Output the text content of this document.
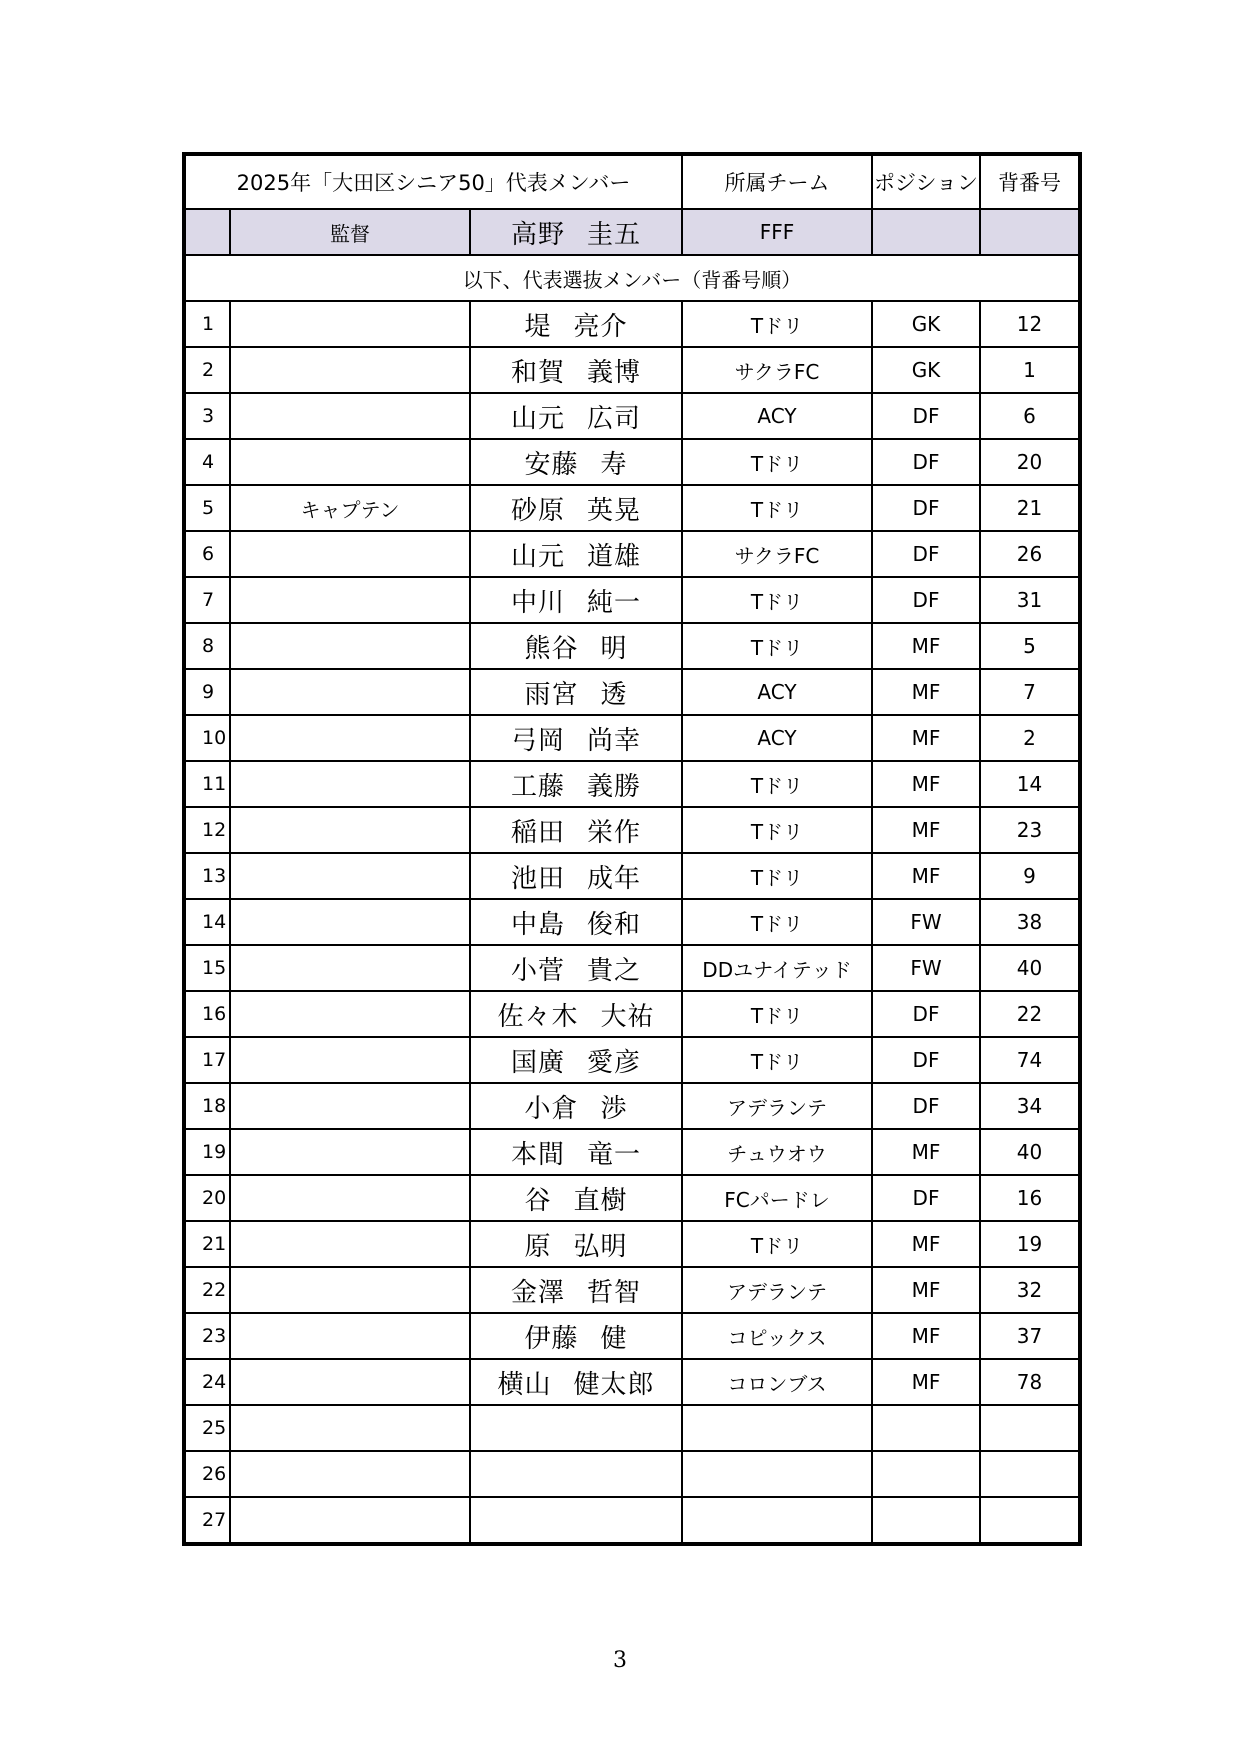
2025年「大田区シニア50」代表メンバー			所属チーム	ポジション	背番号
	監督	高野 圭五	FFF		
以下、代表選抜メンバー（背番号順）					
1		堤 亮介	Tドリ	GK	12
2		和賀 義博	サクラFC	GK	1
3		山元 広司	ACY	DF	6
4		安藤 寿	Tドリ	DF	20
5	キャプテン	砂原 英晃	Tドリ	DF	21
6		山元 道雄	サクラFC	DF	26
7		中川 純一	Tドリ	DF	31
8		熊谷 明	Tドリ	MF	5
9		雨宮 透	ACY	MF	7
10		弓岡 尚幸	ACY	MF	2
11		工藤 義勝	Tドリ	MF	14
12		稲田 栄作	Tドリ	MF	23
13		池田 成年	Tドリ	MF	9
14		中島 俊和	Tドリ	FW	38
15		小菅 貴之	DDユナイテッド	FW	40
16		佐々木 大祐	Tドリ	DF	22
17		国廣 愛彦	Tドリ	DF	74
18		小倉 渉	アデランテ	DF	34
19		本間 竜一	チュウオウ	MF	40
20		谷 直樹	FCパードレ	DF	16
21		原 弘明	Tドリ	MF	19
22		金澤 哲智	アデランテ	MF	32
23		伊藤 健	コピックス	MF	37
24		横山 健太郎	コロンブス	MF	78
25					
26					
27					
3
